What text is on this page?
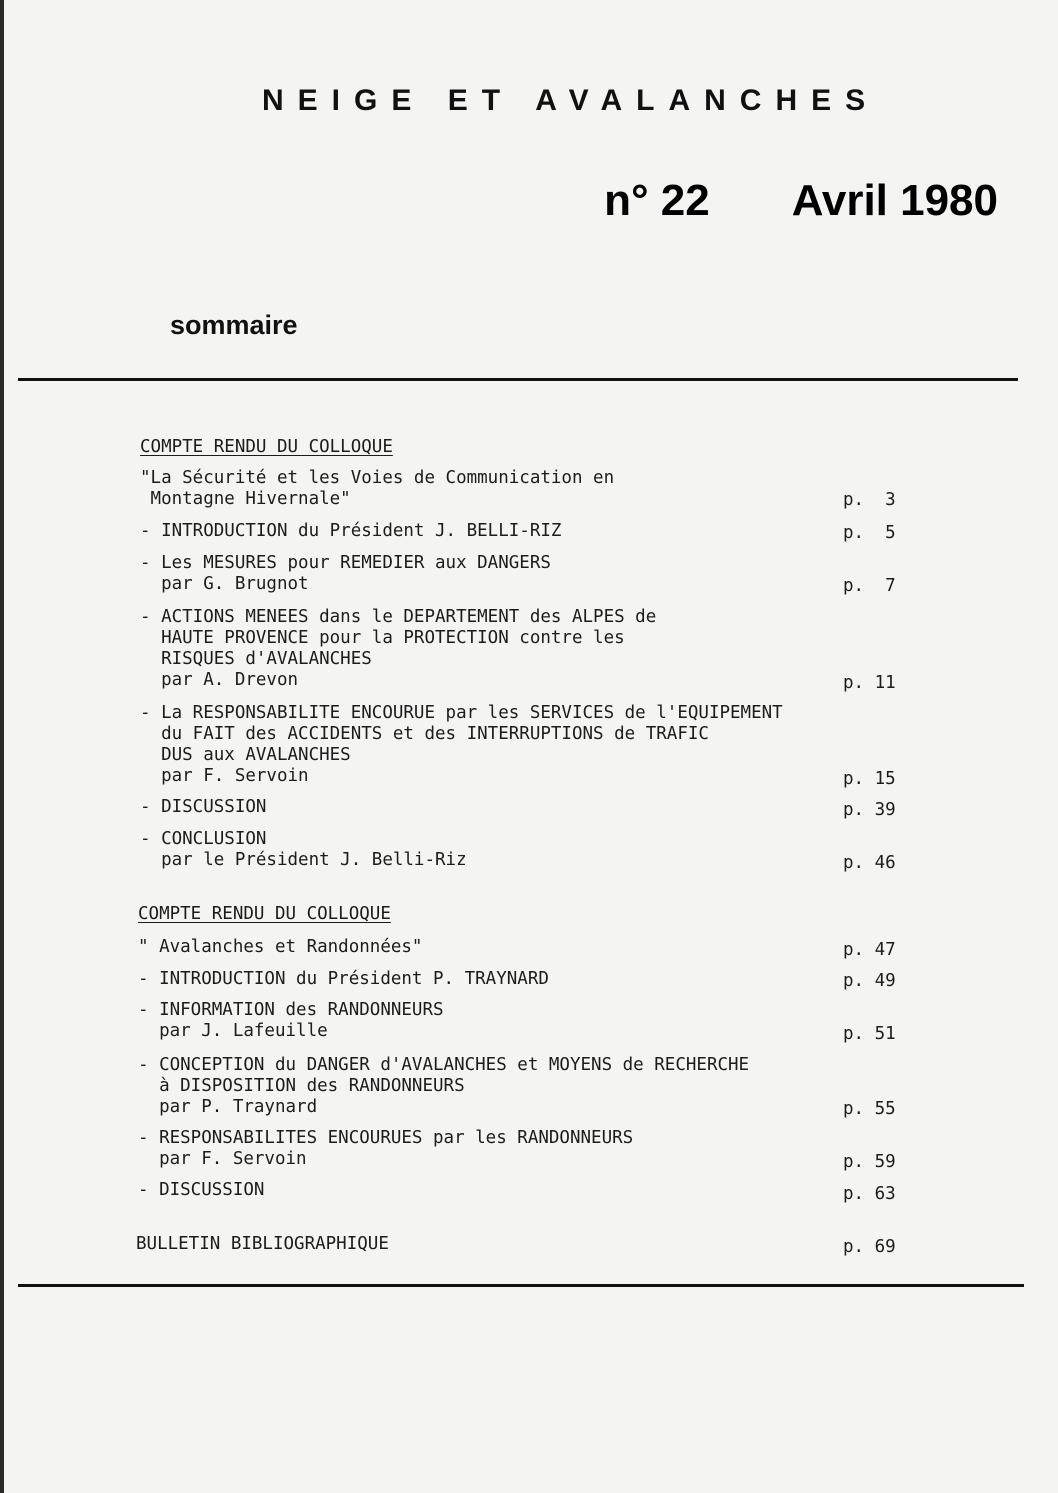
NEIGE ET AVALANCHES
n° 22 Avril 1980
sommaire
COMPTE RENDU DU COLLOQUE
"La Sécurité et les Voies de Communication en
Montagne Hivernale"	p.  3
- INTRODUCTION du Président J. BELLI-RIZ	p.  5
- Les MESURES pour REMEDIER aux DANGERS
par G. Brugnot	p.  7
- ACTIONS MENEES dans le DEPARTEMENT des ALPES de
HAUTE PROVENCE pour la PROTECTION contre les
RISQUES d'AVALANCHES
par A. Drevon	p. 11
- La RESPONSABILITE ENCOURUE par les SERVICES de l'EQUIPEMENT
du FAIT des ACCIDENTS et des INTERRUPTIONS de TRAFIC
DUS aux AVALANCHES
par F. Servoin	p. 15
- DISCUSSION	p. 39
- CONCLUSION
par le Président J. Belli-Riz	p. 46
COMPTE RENDU DU COLLOQUE
" Avalanches et Randonnées"	p. 47
- INTRODUCTION du Président P. TRAYNARD	p. 49
- INFORMATION des RANDONNEURS
par J. Lafeuille	p. 51
- CONCEPTION du DANGER d'AVALANCHES et MOYENS de RECHERCHE
à DISPOSITION des RANDONNEURS
par P. Traynard	p. 55
- RESPONSABILITES ENCOURUES par les RANDONNEURS
par F. Servoin	p. 59
- DISCUSSION	p. 63
BULLETIN BIBLIOGRAPHIQUE	p. 69
